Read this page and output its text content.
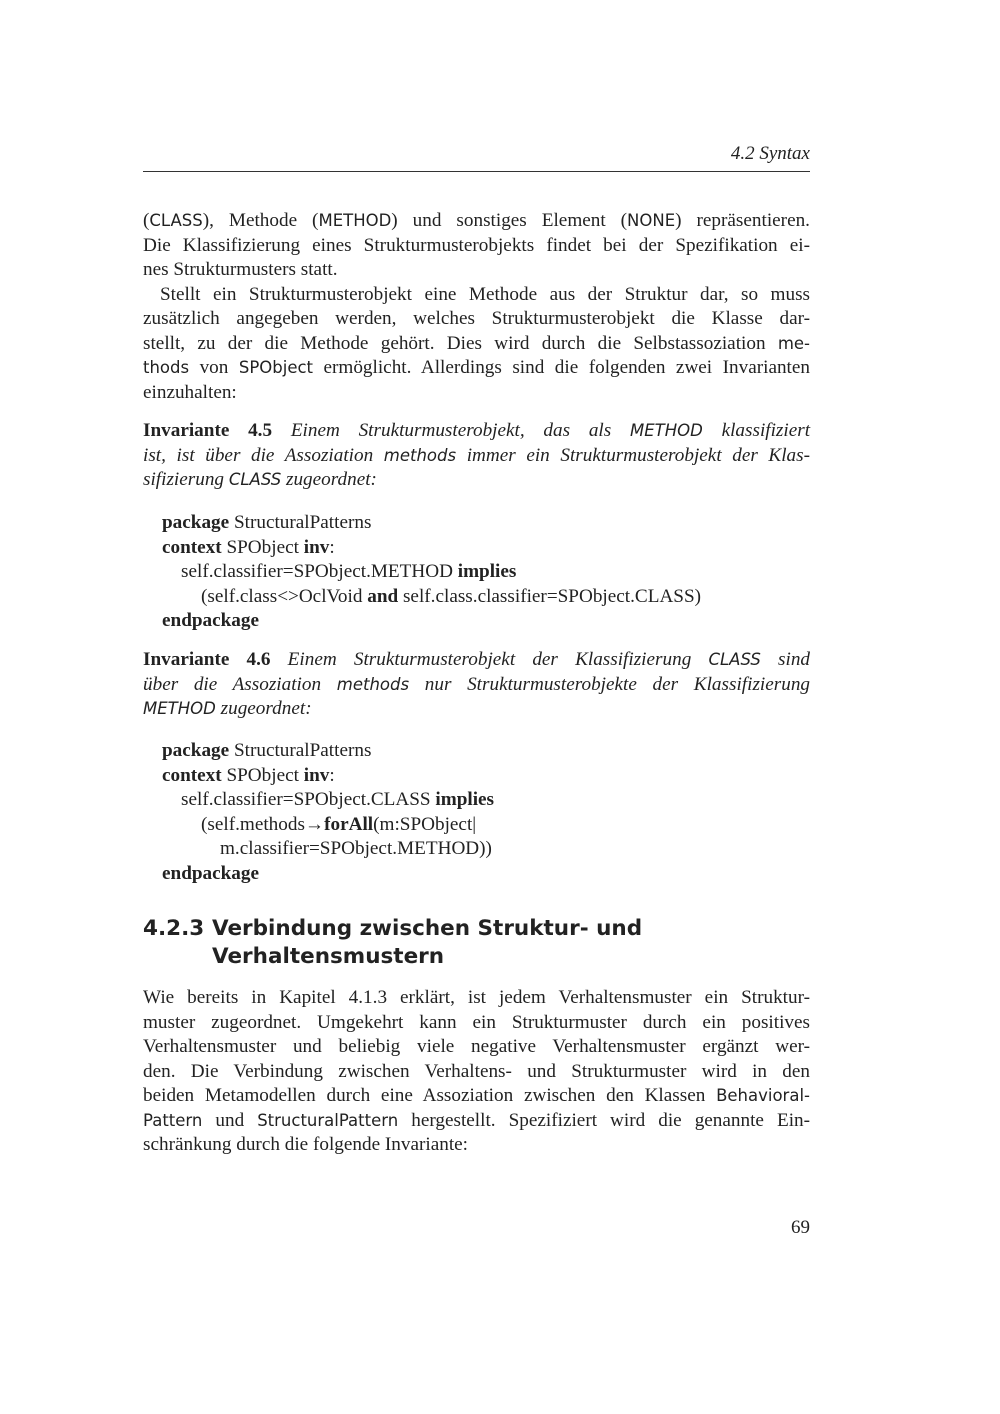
4.2 Syntax
(CLASS), Methode (METHOD) und sonstiges Element (NONE) repräsentieren.
Die Klassifizierung eines Strukturmusterobjekts findet bei der Spezifikation ei-
nes Strukturmusters statt.
Stellt ein Strukturmusterobjekt eine Methode aus der Struktur dar, so muss
zusätzlich angegeben werden, welches Strukturmusterobjekt die Klasse dar-
stellt, zu der die Methode gehört. Dies wird durch die Selbstassoziation me-
thods von SPObject ermöglicht. Allerdings sind die folgenden zwei Invarianten
einzuhalten:
Invariante 4.5 Einem Strukturmusterobjekt, das als METHOD klassifiziert
ist, ist über die Assoziation methods immer ein Strukturmusterobjekt der Klas-
sifizierung CLASS zugeordnet:
package StructuralPatterns
context SPObject inv:
self.classifier=SPObject.METHOD implies
(self.class<>OclVoid and self.class.classifier=SPObject.CLASS)
endpackage
Invariante 4.6 Einem Strukturmusterobjekt der Klassifizierung CLASS sind
über die Assoziation methods nur Strukturmusterobjekte der Klassifizierung
METHOD zugeordnet:
package StructuralPatterns
context SPObject inv:
self.classifier=SPObject.CLASS implies
(self.methods→forAll(m:SPObject|
m.classifier=SPObject.METHOD))
endpackage
4.2.3 Verbindung zwischen Struktur- und
Verhaltensmustern
Wie bereits in Kapitel 4.1.3 erklärt, ist jedem Verhaltensmuster ein Struktur-
muster zugeordnet. Umgekehrt kann ein Strukturmuster durch ein positives
Verhaltensmuster und beliebig viele negative Verhaltensmuster ergänzt wer-
den. Die Verbindung zwischen Verhaltens- und Strukturmuster wird in den
beiden Metamodellen durch eine Assoziation zwischen den Klassen Behavioral-
Pattern und StructuralPattern hergestellt. Spezifiziert wird die genannte Ein-
schränkung durch die folgende Invariante:
69
